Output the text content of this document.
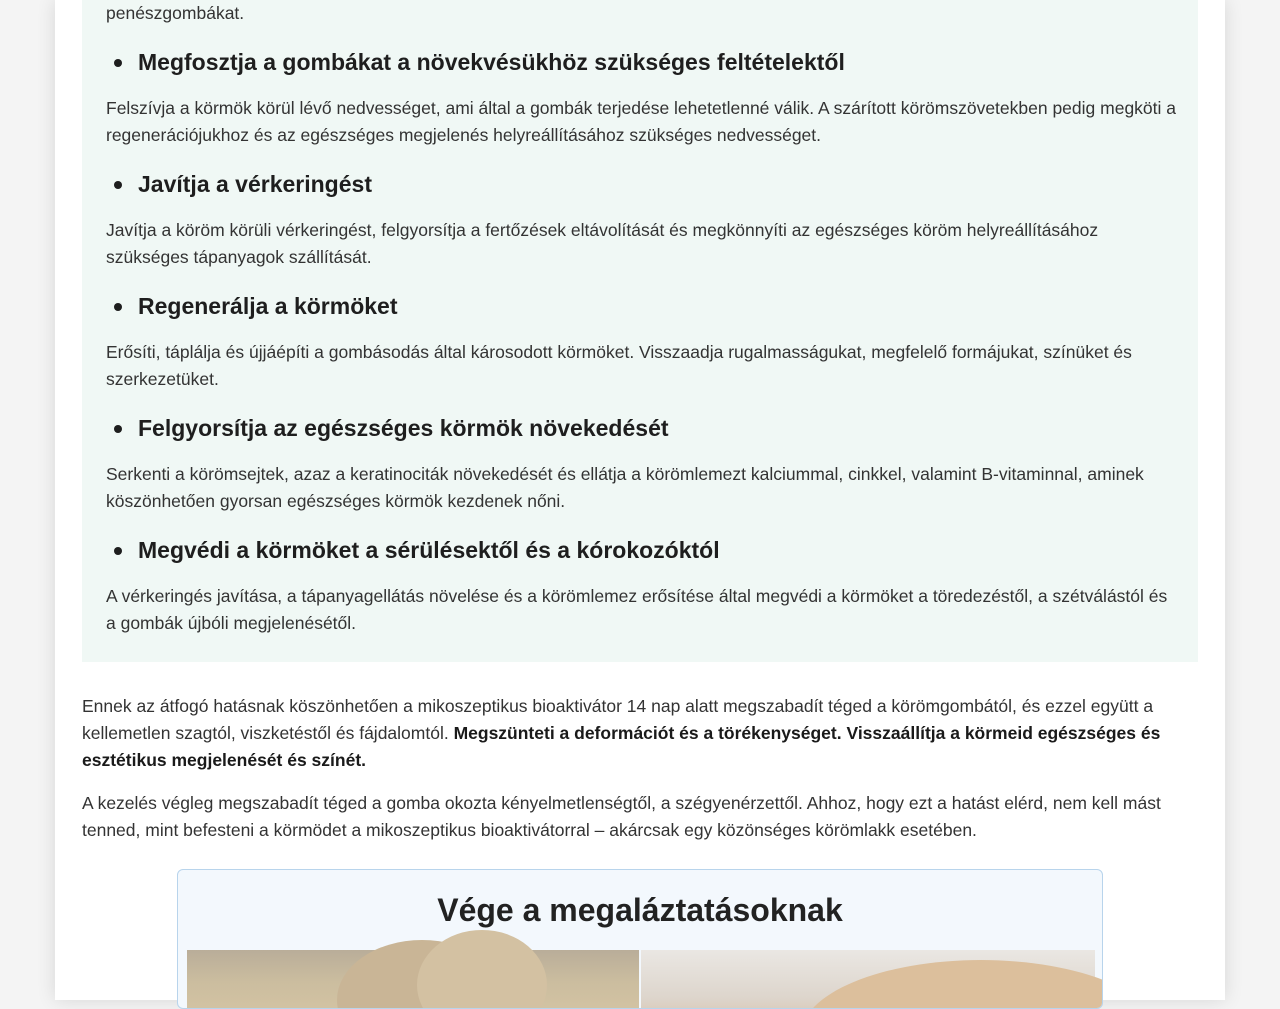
penészgombákat.
Megfosztja a gombákat a növekvésükhöz szükséges feltételektől
Felszívja a körmök körül lévő nedvességet, ami által a gombák terjedése lehetetlenné válik. A szárított körömszövetekben pedig megköti a regenerációjukhoz és az egészséges megjelenés helyreállításához szükséges nedvességet.
Javítja a vérkeringést
Javítja a köröm körüli vérkeringést, felgyorsítja a fertőzések eltávolítását és megkönnyíti az egészséges köröm helyreállításához szükséges tápanyagok szállítását.
Regenerálja a körmöket
Erősíti, táplálja és újjáépíti a gombásodás által károsodott körmöket. Visszaadja rugalmasságukat, megfelelő formájukat, színüket és szerkezetüket.
Felgyorsítja az egészséges körmök növekedését
Serkenti a körömsejtek, azaz a keratinociták növekedését és ellátja a körömlemezt kalciummal, cinkkel, valamint B-vitaminnal, aminek köszönhetően gyorsan egészséges körmök kezdenek nőni.
Megvédi a körmöket a sérülésektől és a kórokozóktól
A vérkeringés javítása, a tápanyagellátás növelése és a körömlemez erősítése által megvédi a körmöket a töredezéstől, a szétválástól és a gombák újbóli megjelenésétől.
Ennek az átfogó hatásnak köszönhetően a mikoszeptikus bioaktivátor 14 nap alatt megszabadít téged a körömgombától, és ezzel együtt a kellemetlen szagtól, viszketéstől és fájdalomtól. Megszünteti a deformációt és a törékenységet. Visszaállítja a körmeid egészséges és esztétikus megjelenését és színét.
A kezelés végleg megszabadít téged a gomba okozta kényelmetlenségtől, a szégyenérzettől. Ahhoz, hogy ezt a hatást elérd, nem kell mást tenned, mint befesteni a körmödet a mikoszeptikus bioaktivátorral – akárcsak egy közönséges körömlakk esetében.
Vége a megaláztatásoknak
